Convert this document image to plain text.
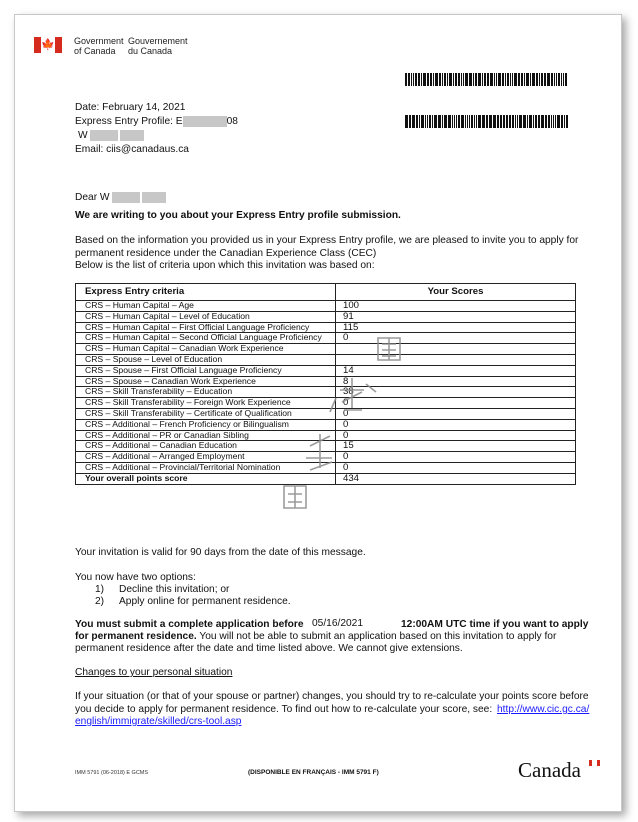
🍁 Government
of Canada
Gouvernement
du Canada
Date: February 14, 2021
Express Entry Profile: E	08
W
Email: ciis@canadaus.ca
Dear W
We are writing to you about your Express Entry profile submission.
Based on the information you provided us in your Express Entry profile, we are pleased to invite you to apply for
permanent residence under the Canadian Experience Class (CEC)
Below is the list of criteria upon which this invitation was based on:
Express Entry criteria	Your Scores
CRS – Human Capital – Age	100
CRS – Human Capital – Level of Education	91
CRS – Human Capital – First Official Language Proficiency	115
CRS – Human Capital – Second Official Language Proficiency	0
CRS – Human Capital – Canadian Work Experience	
CRS – Spouse – Level of Education	
CRS – Spouse – First Official Language Proficiency	14
CRS – Spouse – Canadian Work Experience	8
CRS – Skill Transferability – Education	38
CRS – Skill Transferability – Foreign Work Experience	0
CRS – Skill Transferability – Certificate of Qualification	0
CRS – Additional – French Proficiency or Bilingualism	0
CRS – Additional – PR or Canadian Sibling	0
CRS – Additional – Canadian Education	15
CRS – Additional – Arranged Employment	0
CRS – Additional – Provincial/Territorial Nomination	0
Your overall points score	434
Your invitation is valid for 90 days from the date of this message.
You now have two options:
1) Decline this invitation; or
2) Apply online for permanent residence.
You must submit a complete application before 05/16/2021	12:00AM UTC time if you want to apply
for permanent residence. You will not be able to submit an application based on this invitation to apply for
permanent residence after the date and time listed above. We cannot give extensions.
Changes to your personal situation
If your situation (or that of your spouse or partner) changes, you should try to re-calculate your points score before
you decide to apply for permanent residence. To find out how to re-calculate your score, see: http://www.cic.gc.ca/
english/immigrate/skilled/crs-tool.asp
IMM 5791 (06-2018) E GCMS	(DISPONIBLE EN FRANÇAIS - IMM 5791 F)	Canada
